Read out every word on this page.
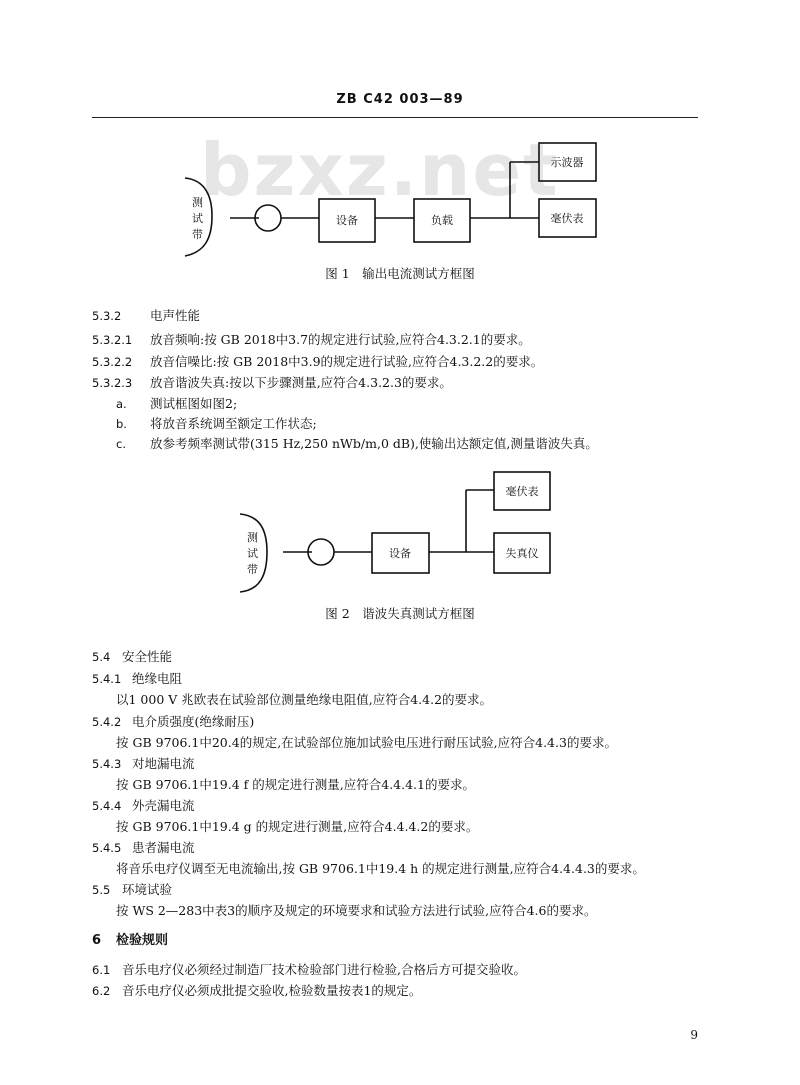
ZB C42 003—89
bzxz.net
测
试
带
设备	负载
示波器
毫伏表
图 1　输出电流测试方框图
5.3.2 电声性能
5.3.2.1 放音频响:按 GB 2018中3.7的规定进行试验,应符合4.3.2.1的要求。
5.3.2.2 放音信噪比:按 GB 2018中3.9的规定进行试验,应符合4.3.2.2的要求。
5.3.2.3 放音谐波失真:按以下步骤测量,应符合4.3.2.3的要求。
a. 测试框图如图2;
b. 将放音系统调至额定工作状态;
c. 放参考频率测试带(315 Hz,250 nWb/m,0 dB),使输出达额定值,测量谐波失真。
测
试
带
设备
毫伏表
失真仪
图 2　谐波失真测试方框图
5.4 安全性能
5.4.1 绝缘电阻
以1 000 V 兆欧表在试验部位测量绝缘电阻值,应符合4.4.2的要求。
5.4.2 电介质强度(绝缘耐压)
按 GB 9706.1中20.4的规定,在试验部位施加试验电压进行耐压试验,应符合4.4.3的要求。
5.4.3 对地漏电流
按 GB 9706.1中19.4 f 的规定进行测量,应符合4.4.4.1的要求。
5.4.4 外壳漏电流
按 GB 9706.1中19.4 g 的规定进行测量,应符合4.4.4.2的要求。
5.4.5 患者漏电流
将音乐电疗仪调至无电流输出,按 GB 9706.1中19.4 h 的规定进行测量,应符合4.4.4.3的要求。
5.5 环境试验
按 WS 2—283中表3的顺序及规定的环境要求和试验方法进行试验,应符合4.6的要求。
6 检验规则
6.1 音乐电疗仪必须经过制造厂技术检验部门进行检验,合格后方可提交验收。
6.2 音乐电疗仪必须成批提交验收,检验数量按表1的规定。
9
